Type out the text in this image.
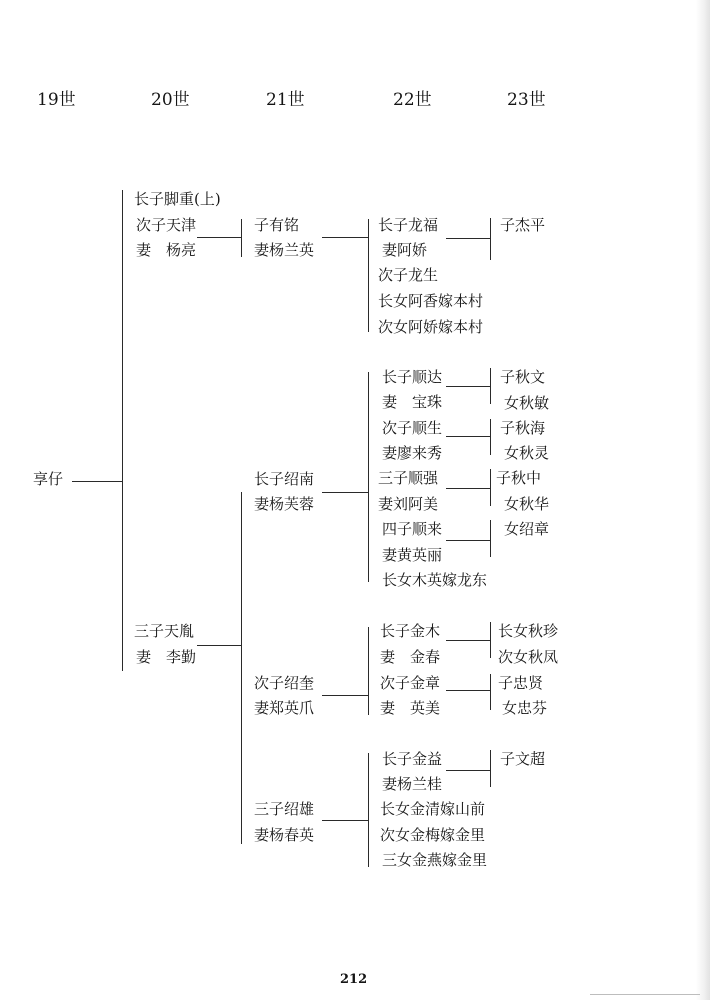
19世	20世	21世	22世	23世
享仔
长子脚重(上)
次子天津
妻　杨亮
三子天胤
妻　李勤
子有铭
妻杨兰英
长子绍南
妻杨芙蓉
次子绍奎
妻郑英爪
三子绍雄
妻杨春英
长子龙福
妻阿娇
次子龙生
长女阿香嫁本村
次女阿娇嫁本村
长子顺达
妻　宝珠
次子顺生
妻廖来秀
三子顺强
妻刘阿美
四子顺来
妻黄英丽
长女木英嫁龙东
长子金木
妻　金春
次子金章
妻　英美
长子金益
妻杨兰桂
长女金清嫁山前
次女金梅嫁金里
三女金燕嫁金里
子杰平
子秋文
女秋敏
子秋海
女秋灵
子秋中
女秋华
女绍章
长女秋珍
次女秋凤
子忠贤
女忠芬
子文超
212
